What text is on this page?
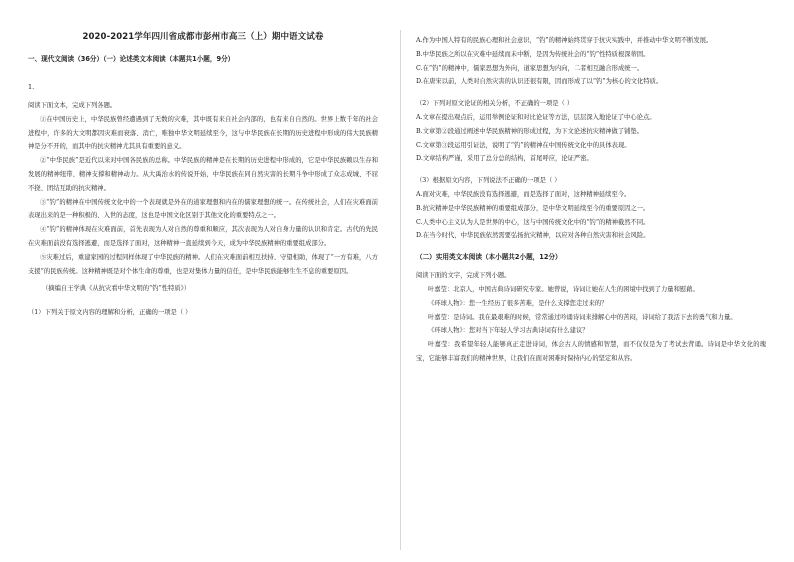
2020-2021学年四川省成都市彭州市高三（上）期中语文试卷
一、现代文阅读（36分）（一）论述类文本阅读（本题共1小题，9分）
1.

阅读下面文本，完成下列各题。

①在中国历史上，中华民族曾经遭遇到了无数的灾难，其中既有来自社会内部的，也有来自自然的。世界上数千年的社会进程中，许多的大文明都因灾难而衰落、消亡，唯独中华文明延续至今，这与中华民族在长期的历史进程中形成的伟大民族精神是分不开的，而其中的抗灾精神尤其具有重要的意义。

②“中华民族”是近代以来对中国各民族的总称。中华民族的精神是在长期的历史进程中形成的，它是中华民族赖以生存和发展的精神纽带、精神支撑和精神动力。从大禹治水的传说开始，中华民族在同自然灾害的长期斗争中形成了众志成城、不屈不挠、团结互助的抗灾精神。

③“钓”的精神在中国传统文化中的一个表现就是外在的道家理想和内在的儒家理想的统一。在传统社会，人们在灾难面前表现出来的是一种积极的、入世的态度，这也是中国文化区别于其他文化的重要特点之一。

④“钓”的精神体现在灾难面前，首先表现为人对自然的尊重和顺应，其次表现为人对自身力量的认识和肯定。古代的先民在灾难面前没有选择逃避，而是选择了面对，这种精神一直延续到今天，成为中华民族精神的重要组成部分。

⑤灾难过后，重建家园的过程同样体现了中华民族的精神。人们在灾难面前相互扶持、守望相助，体现了“一方有难，八方支援”的民族传统。这种精神既是对个体生命的尊重，也是对集体力量的信任，是中华民族能够生生不息的重要原因。

（摘编自王学典《从抗灾看中华文明的“钓”性特质》）

（1）下列关于原文内容的理解和分析，正确的一项是（ ）

A.作为中国人特有的民族心理和社会意识，“钓”的精神始终贯穿于抗灾实践中，并推动中华文明不断发展。

B.中华民族之所以在灾难中延续而未中断，是因为传统社会的“钓”性特质根深蒂固。

C.在“钓”的精神中，儒家思想为外向，道家思想为内向，二者相互融合形成统一。

D.在唐宋以前，人类对自然灾害的认识还很有限，因而形成了以“钓”为核心的文化特质。

（2）下列对原文论证的相关分析，不正确的一项是（ ）

A.文章在提出观点后，运用举例论证和对比论证等方法，层层深入地论证了中心论点。

B.文章第②段通过阐述中华民族精神的形成过程，为下文论述抗灾精神做了铺垫。

C.文章第③段运用引证法，说明了“钓”的精神在中国传统文化中的具体表现。

D.文章结构严谨，采用了总分总的结构，首尾呼应，论证严密。

（3）根据原文内容，下列说法不正确的一项是（ ）

A.面对灾难，中华民族没有选择逃避，而是选择了面对，这种精神延续至今。

B.抗灾精神是中华民族精神的重要组成部分，是中华文明延续至今的重要原因之一。

C.人类中心主义认为人是世界的中心，这与中国传统文化中的“钓”的精神截然不同。

D.在当今时代，中华民族依然需要弘扬抗灾精神，以应对各种自然灾害和社会风险。

（二）实用类文本阅读（本小题共2小题，12分）

阅读下面的文字，完成下列小题。

叶嘉莹：北京人，中国古典诗词研究专家。她曾说，诗词让她在人生的困境中找到了力量和慰藉。

《环球人物》：您一生经历了很多苦难，是什么支撑您走过来的？

叶嘉莹：是诗词。我在最艰难的时候，常常通过吟诵诗词来排解心中的苦闷，诗词给了我活下去的勇气和力量。

《环球人物》：您对当下年轻人学习古典诗词有什么建议？

叶嘉莹：我希望年轻人能够真正走进诗词，体会古人的情感和智慧，而不仅仅是为了考试去背诵。诗词是中华文化的瑰宝，它能够丰富我们的精神世界，让我们在面对困难时保持内心的坚定和从容。
